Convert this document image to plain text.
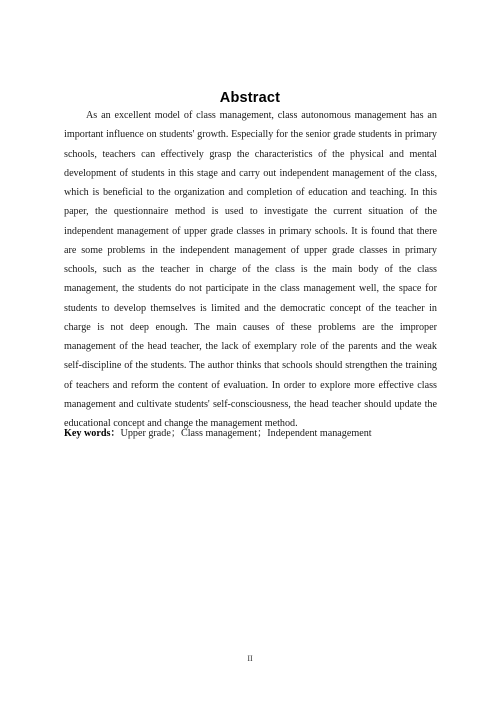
Abstract

As an excellent model of class management, class autonomous management has an important influence on students' growth. Especially for the senior grade students in primary schools, teachers can effectively grasp the characteristics of the physical and mental development of students in this stage and carry out independent management of the class, which is beneficial to the organization and completion of education and teaching. In this paper, the questionnaire method is used to investigate the current situation of the independent management of upper grade classes in primary schools. It is found that there are some problems in the independent management of upper grade classes in primary schools, such as the teacher in charge of the class is the main body of the class management, the students do not participate in the class management well, the space for students to develop themselves is limited and the democratic concept of the teacher in charge is not deep enough. The main causes of these problems are the improper management of the head teacher, the lack of exemplary role of the parents and the weak self-discipline of the students. The author thinks that schools should strengthen the training of teachers and reform the content of evaluation. In order to explore more effective class management and cultivate students' self-consciousness, the head teacher should update the educational concept and change the management method.

Key words：Upper grade；Class management；Independent management

II
